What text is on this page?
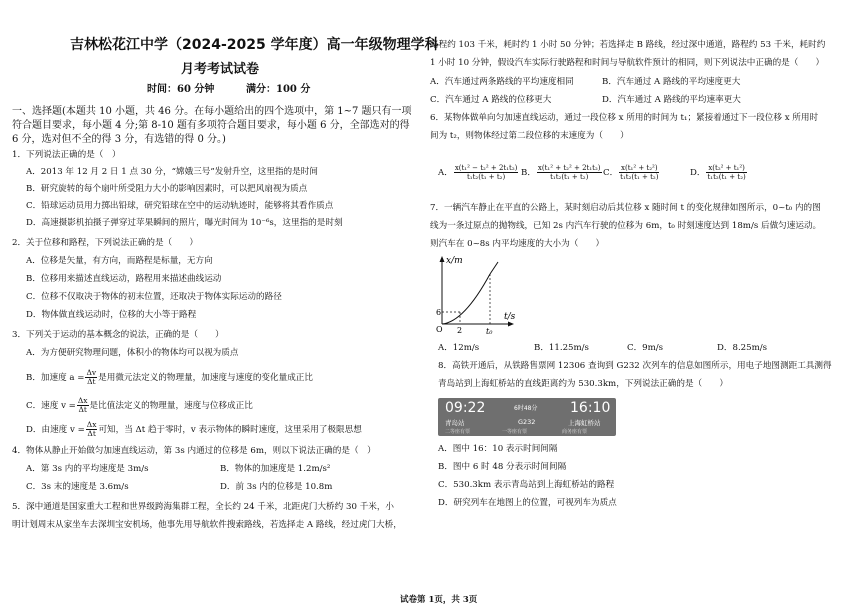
吉林松花江中学（2024-2025 学年度）高一年级物理学科
月考考试试卷
时间：60 分钟	满分：100 分
一、选择题(本题共 10 小题，共 46 分。在每小题给出的四个选项中，第 1~7 题只有一项
符合题目要求，每小题 4 分;第 8-10 题有多项符合题目要求，每小题 6 分，全部选对的得
6 分，选对但不全的得 3 分，有选错的得 0 分。)
1．下列说法正确的是（　）
A．2013 年 12 月 2 日 1 点 30 分，“嫦娥三号”发射升空，这里指的是时间
B．研究旋转的每个扇叶所受阻力大小的影响因素时，可以把风扇视为质点
C．铅球运动员用力掷出铅球，研究铅球在空中的运动轨迹时，能够将其看作质点
D．高速摄影机拍摄子弹穿过苹果瞬间的照片，曝光时间为 10⁻⁶s，这里指的是时刻
2．关于位移和路程，下列说法正确的是（　　）
A．位移是矢量，有方向，而路程是标量，无方向
B．位移用来描述直线运动，路程用来描述曲线运动
C．位移不仅取决于物体的初末位置，还取决于物体实际运动的路径
D．物体做直线运动时，位移的大小等于路程
3．下列关于运动的基本概念的说法，正确的是（　　）
A．为方便研究物理问题，体积小的物体均可以视为质点
B．加速度 $a = \frac{\Delta v}{\Delta t}$ 是用微元法定义的物理量，加速度与速度的变化量成正比
C．速度 $v = \frac{\Delta x}{\Delta t}$ 是比值法定义的物理量，速度与位移成正比
D．由速度 $v = \frac{\Delta x}{\Delta t}$ 可知，当 Δt 趋于零时，v 表示物体的瞬时速度，这里采用了极限思想
4．物体从静止开始做匀加速直线运动，第 3s 内通过的位移是 6m，则以下说法正确的是（　）
A．第 3s 内的平均速度是 3m/s	B．物体的加速度是 1.2m/s²
C．3s 末的速度是 3.6m/s	D．前 3s 内的位移是 10.8m
5．深中通道是国家重大工程和世界级跨海集群工程，全长约 24 千米，北距虎门大桥约 30 千米，小
明计划周末从家坐车去深圳宝安机场，他事先用导航软件搜索路线，若选择走 A 路线，经过虎门大桥，
路程约 103 千米，耗时约 1 小时 50 分钟；若选择走 B 路线，经过深中通道，路程约 53 千米，耗时约
1 小时 10 分钟，假设汽车实际行驶路程和时间与导航软件预计的相同，则下列说法中正确的是（　　）
A．汽车通过两条路线的平均速度相同	B．汽车通过 A 路线的平均速度更大
C．汽车通过 A 路线的位移更大	D．汽车通过 A 路线的平均速率更大
6．某物体做单向匀加速直线运动，通过一段位移 x 所用的时间为 t₁；紧接着通过下一段位移 x 所用时
间为 t₂，则物体经过第二段位移的末速度为（　　）
A． $\frac{\text{x(t₁² − t₂² + 2t₁t₂)}}{\text{t₁t₂(t₁ + t₂)}}$ B． $\frac{\text{x(t₁² + t₂² + 2t₁t₂)}}{\text{t₁t₂(t₁ + t₂)}}$ C． $\frac{\text{x(t₁² + t₂²)}}{\text{t₁t₂(t₁ + t₂)}}$	D． $\frac{\text{x(t₂² + t₁²)}}{\text{t₁t₂(t₁ + t₂)}}$
7．一辆汽车静止在平直的公路上，某时刻启动后其位移 x 随时间 t 的变化规律如图所示，0~t₀ 内的图
线为一条过原点的抛物线，已知 2s 内汽车行驶的位移为 6m，t₀ 时刻速度达到 18m/s 后做匀速运动。
则汽车在 0~8s 内平均速度的大小为（　　）
x/m
t/s
6
O 2	t₀
A．12m/s	B．11.25m/s	C．9m/s	D．8.25m/s
8．高铁开通后，从铁路售票网 12306 查询到 G232 次列车的信息如图所示，用电子地图测距工具测得
青岛站到上海虹桥站的直线距离约为 530.3km，下列说法正确的是（　　）
09:22	6时48分 16:10
青岛站	G232	上海虹桥站
二等座有票	一等座有票	商务座有票
A．图中 16：10 表示时间间隔
B．图中 6 时 48 分表示时间间隔
C．530.3km 表示青岛站到上海虹桥站的路程
D．研究列车在地图上的位置，可视列车为质点
试卷第 1页，共 3页
